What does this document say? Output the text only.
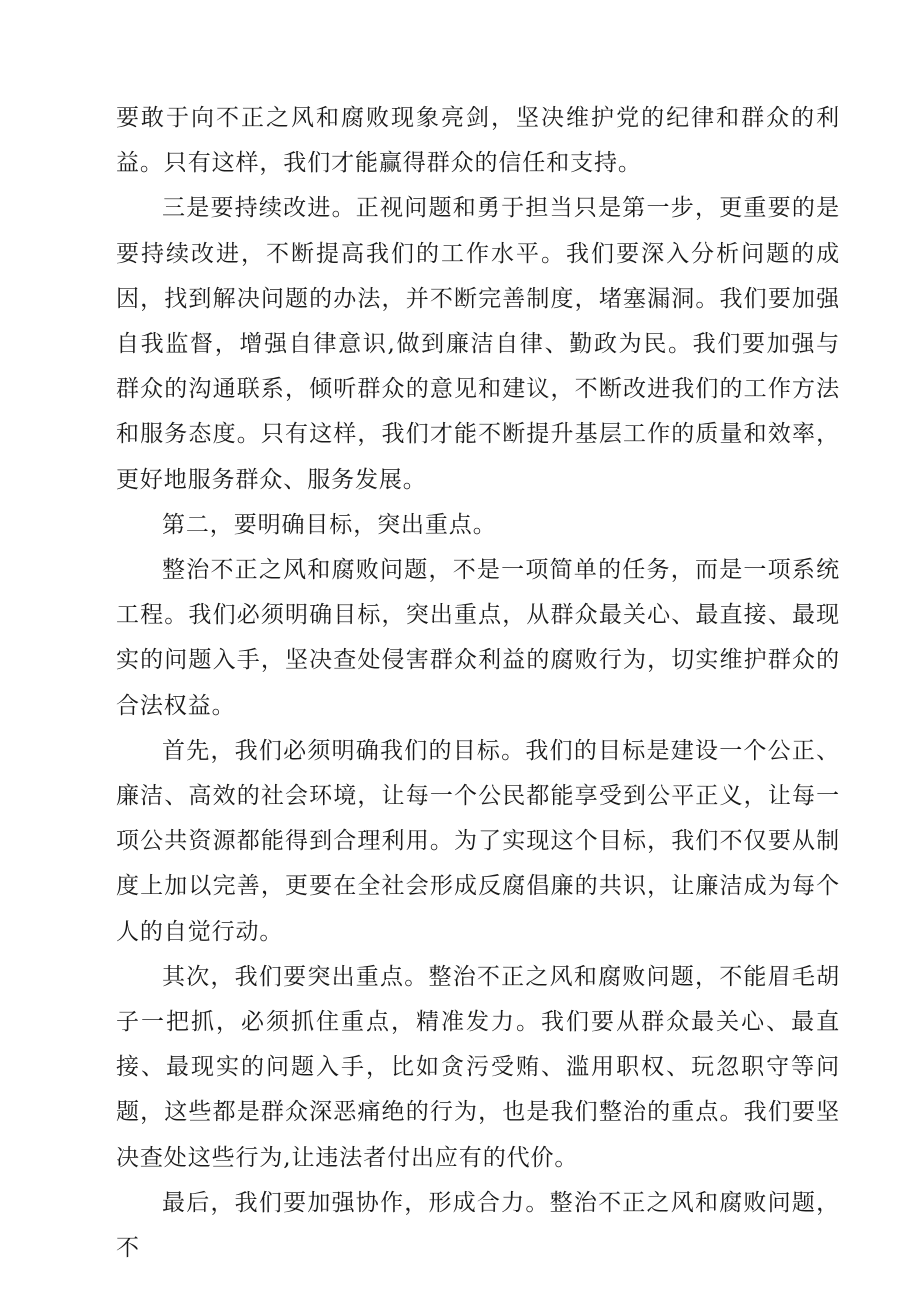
要敢于向不正之风和腐败现象亮剑，坚决维护党的纪律和群众的利益。只有这样，我们才能赢得群众的信任和支持。

三是要持续改进。正视问题和勇于担当只是第一步，更重要的是要持续改进，不断提高我们的工作水平。我们要深入分析问题的成因，找到解决问题的办法，并不断完善制度，堵塞漏洞。我们要加强自我监督，增强自律意识,做到廉洁自律、勤政为民。我们要加强与群众的沟通联系，倾听群众的意见和建议，不断改进我们的工作方法和服务态度。只有这样，我们才能不断提升基层工作的质量和效率，更好地服务群众、服务发展。

第二，要明确目标，突出重点。

整治不正之风和腐败问题，不是一项简单的任务，而是一项系统工程。我们必须明确目标，突出重点，从群众最关心、最直接、最现实的问题入手，坚决查处侵害群众利益的腐败行为，切实维护群众的合法权益。

首先，我们必须明确我们的目标。我们的目标是建设一个公正、廉洁、高效的社会环境，让每一个公民都能享受到公平正义，让每一项公共资源都能得到合理利用。为了实现这个目标，我们不仅要从制度上加以完善，更要在全社会形成反腐倡廉的共识，让廉洁成为每个人的自觉行动。

其次，我们要突出重点。整治不正之风和腐败问题，不能眉毛胡子一把抓，必须抓住重点，精准发力。我们要从群众最关心、最直接、最现实的问题入手，比如贪污受贿、滥用职权、玩忽职守等问题，这些都是群众深恶痛绝的行为，也是我们整治的重点。我们要坚决查处这些行为,让违法者付出应有的代价。

最后，我们要加强协作，形成合力。整治不正之风和腐败问题，不
